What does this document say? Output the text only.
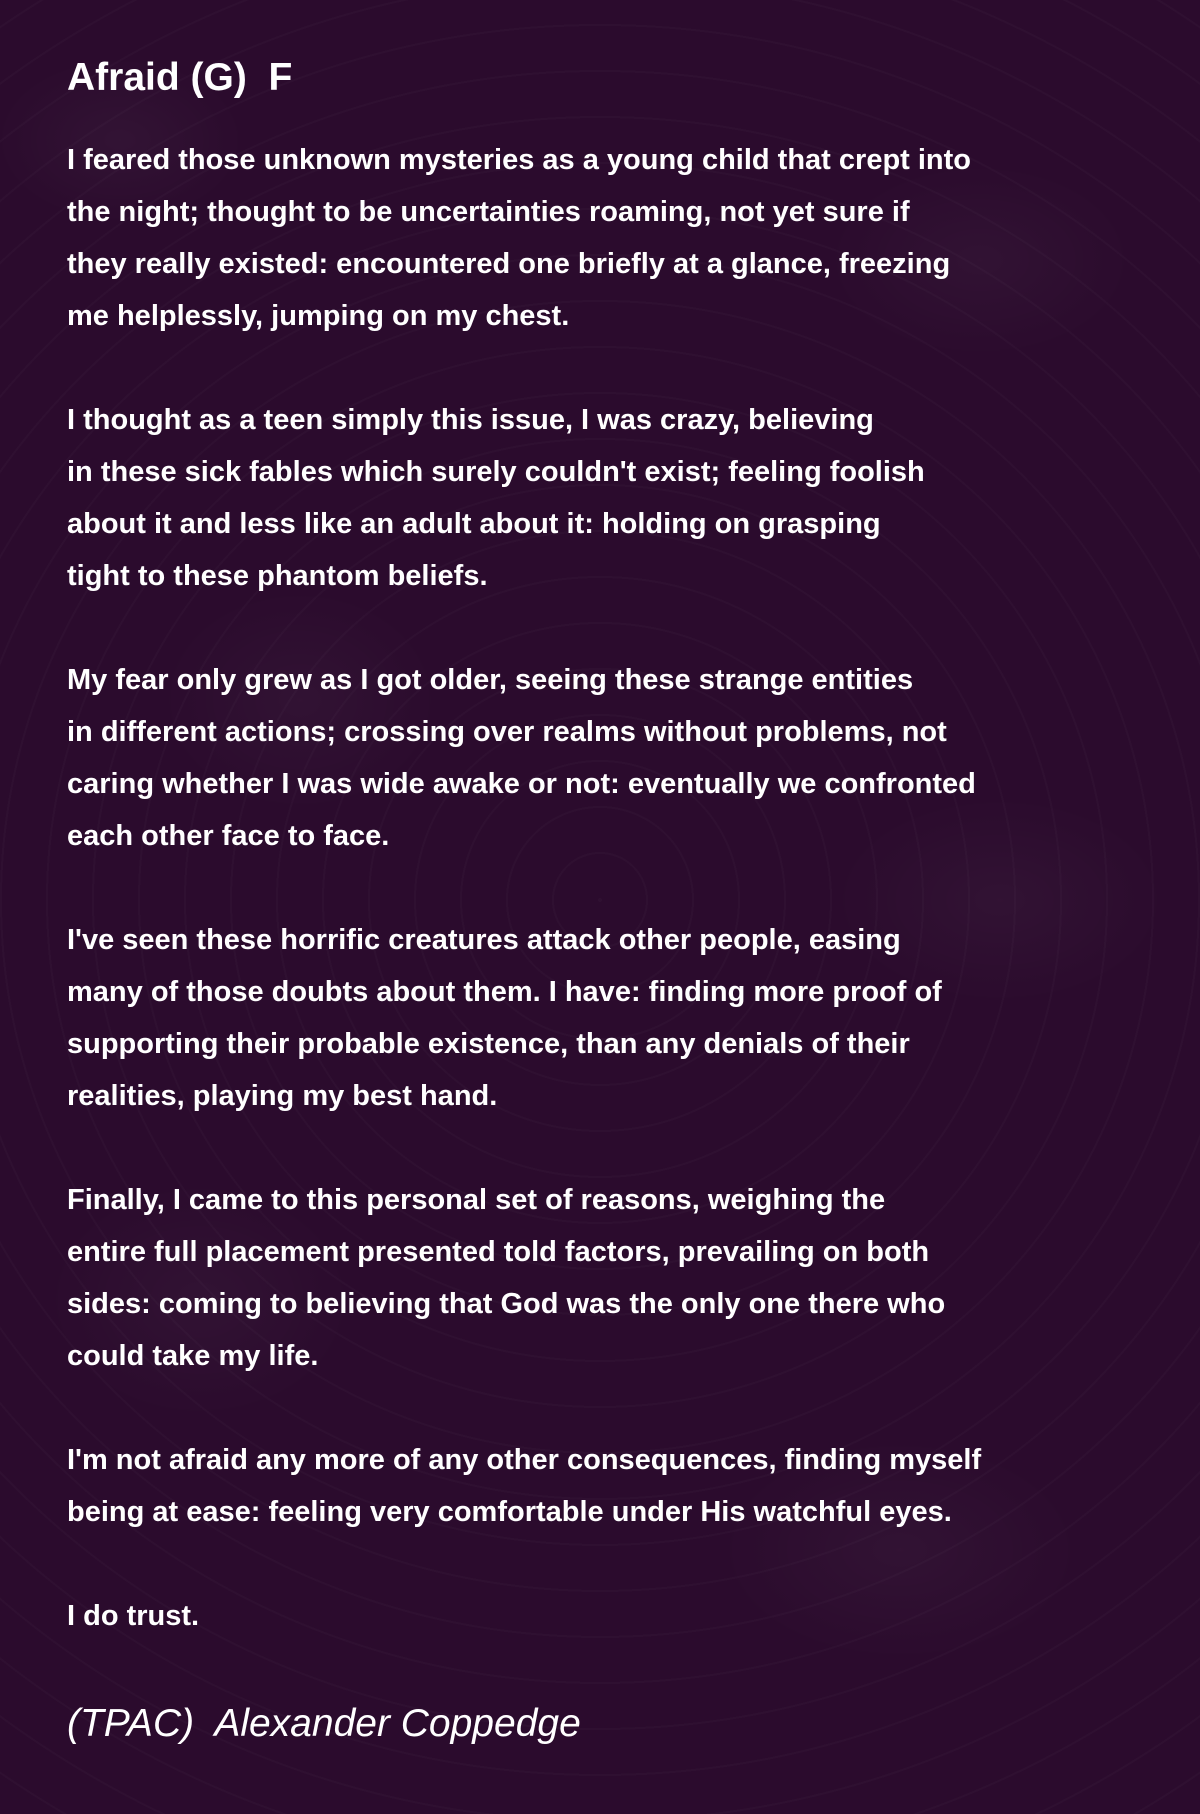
Afraid (G)  F

I feared those unknown mysteries as a young child that crept into
the night; thought to be uncertainties roaming, not yet sure if
they really existed: encountered one briefly at a glance, freezing
me helplessly, jumping on my chest.

I thought as a teen simply this issue, I was crazy, believing
in these sick fables which surely couldn't exist; feeling foolish
about it and less like an adult about it: holding on grasping
tight to these phantom beliefs.

My fear only grew as I got older, seeing these strange entities
in different actions; crossing over realms without problems, not
caring whether I was wide awake or not: eventually we confronted
each other face to face.

I've seen these horrific creatures attack other people, easing
many of those doubts about them. I have: finding more proof of
supporting their probable existence, than any denials of their
realities, playing my best hand.

Finally, I came to this personal set of reasons, weighing the
entire full placement presented told factors, prevailing on both
sides: coming to believing that God was the only one there who
could take my life.

I'm not afraid any more of any other consequences, finding myself
being at ease: feeling very comfortable under His watchful eyes.

I do trust.

(TPAC)  Alexander Coppedge
